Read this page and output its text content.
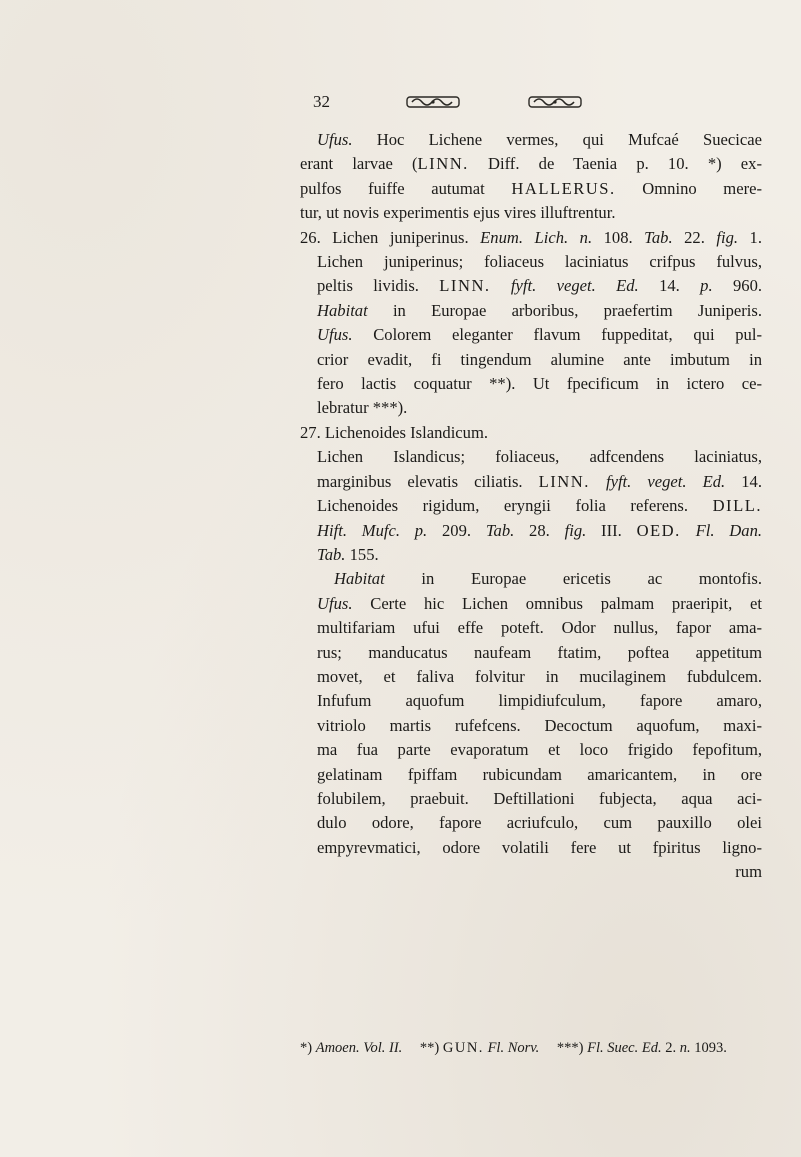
32
Ufus. Hoc Lichene vermes, qui Mufcaé Suecicae
erant larvae (LINN. Diff. de Taenia p. 10. *) ex-
pulfos fuiffe autumat HALLERUS. Omnino mere-
tur, ut novis experimentis ejus vires illuftrentur.
26. Lichen juniperinus. Enum. Lich. n. 108. Tab. 22. fig. 1.
Lichen juniperinus; foliaceus laciniatus crifpus fulvus,
peltis lividis. LINN. fyft. veget. Ed. 14. p. 960.
Habitat in Europae arboribus, praefertim Juniperis.
Ufus. Colorem eleganter flavum fuppeditat, qui pul-
crior evadit, fi tingendum alumine ante imbutum in
fero lactis coquatur **). Ut fpecificum in ictero ce-
lebratur ***).
27. Lichenoides Islandicum.
Lichen Islandicus; foliaceus, adfcendens laciniatus,
marginibus elevatis ciliatis. LINN. fyft. veget. Ed. 14.
Lichenoides rigidum, eryngii folia referens. DILL.
Hift. Mufc. p. 209. Tab. 28. fig. III. OED. Fl. Dan.
Tab. 155.
Habitat in Europae ericetis ac montofis.
Ufus. Certe hic Lichen omnibus palmam praeripit, et
multifariam ufui effe poteft. Odor nullus, fapor ama-
rus; manducatus naufeam ftatim, poftea appetitum
movet, et faliva folvitur in mucilaginem fubdulcem.
Infufum aquofum limpidiufculum, fapore amaro,
vitriolo martis rufefcens. Decoctum aquofum, maxi-
ma fua parte evaporatum et loco frigido fepofitum,
gelatinam fpiffam rubicundam amaricantem, in ore
folubilem, praebuit. Deftillationi fubjecta, aqua aci-
dulo odore, fapore acriufculo, cum pauxillo olei
empyrevmatici, odore volatili fere ut fpiritus ligno-
rum
*) Amoen. Vol. II. **) GUN. Fl. Norv. ***) Fl. Suec. Ed. 2. n. 1093.
